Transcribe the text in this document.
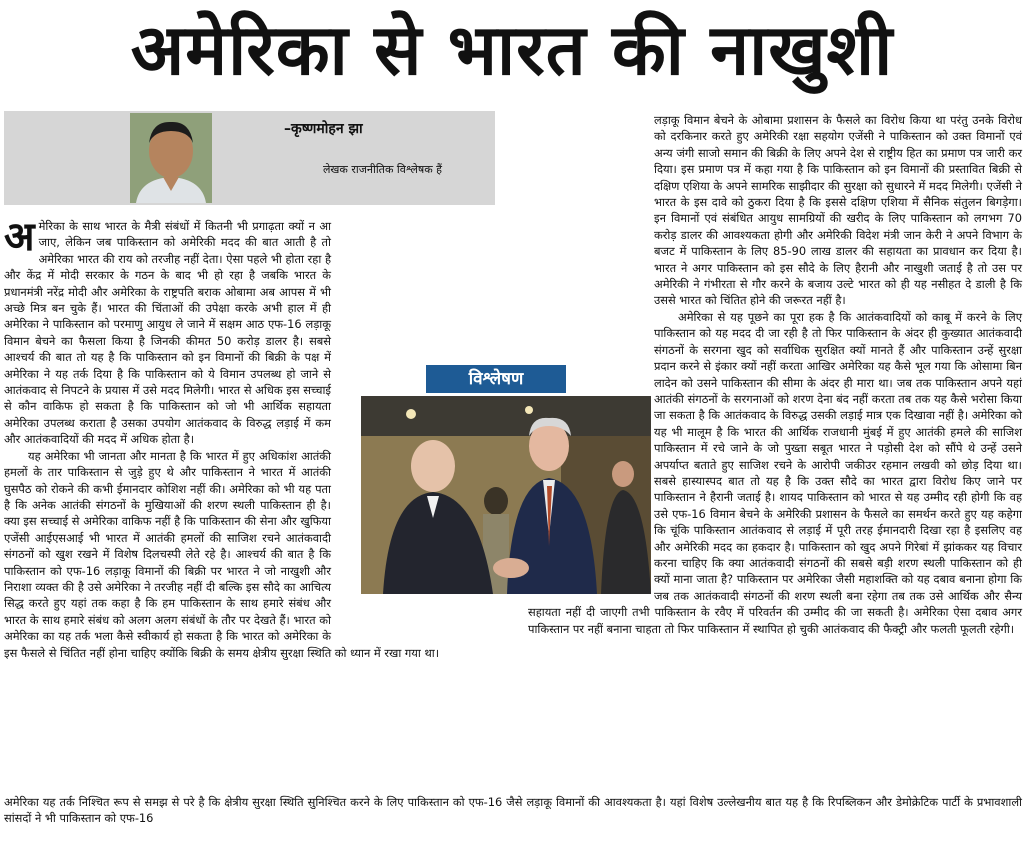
अमेरिका से भारत की नाखुशी
–कृष्णमोहन झा
लेखक राजनीतिक विश्लेषक हैं
अ मेरिका के साथ भारत के मैत्री संबंधों में कितनी भी प्रगाढ़ता क्यों न आ जाए, लेकिन जब पाकिस्तान को अमेरिकी मदद की बात आती है तो अमेरिका भारत की राय को तरजीह नहीं देता। ऐसा पहले भी होता रहा है और केंद्र में मोदी सरकार के गठन के बाद भी हो रहा है जबकि भारत के प्रधानमंत्री नरेंद्र मोदी और अमेरिका के राष्ट्रपति बराक ओबामा अब आपस में भी अच्छे मित्र बन चुके हैं। भारत की चिंताओं की उपेक्षा करके अभी हाल में ही अमेरिका ने पाकिस्तान को परमाणु आयुध ले जाने में सक्षम आठ एफ-16 लड़ाकू विमान बेचने का फैसला किया है जिनकी कीमत 50 करोड़ डालर है। सबसे आश्चर्य की बात तो यह है कि पाकिस्तान को इन विमानों की बिक्री के पक्ष में अमेरिका ने यह तर्क दिया है कि पाकिस्तान को ये विमान उपलब्ध हो जाने से आतंकवाद से निपटने के प्रयास में उसे मदद मिलेगी। भारत से अधिक इस सच्चाई से कौन वाकिफ हो सकता है कि पाकिस्तान को जो भी आर्थिक सहायता अमेरिका उपलब्ध कराता है उसका उपयोग आतंकवाद के विरुद्ध लड़ाई में कम और आतंकवादियों की मदद में अधिक होता है।

यह अमेरिका भी जानता और मानता है कि भारत में हुए अधिकांश आतंकी हमलों के तार पाकिस्तान से जुड़े हुए थे और पाकिस्तान ने भारत में आतंकी घुसपैठ को रोकने की कभी ईमानदार कोशिश नहीं की। अमेरिका को भी यह पता है कि अनेक आतंकी संगठनों के मुखियाओं की शरण स्थली पाकिस्तान ही है। क्या इस सच्चाई से अमेरिका वाकिफ नहीं है कि पाकिस्तान की सेना और खुफिया एजेंसी आईएसआई भी भारत में आतंकी हमलों की साजिश रचने आतंकवादी संगठनों को खुश रखने में विशेष दिलचस्पी लेते रहे है। आश्चर्य की बात है कि पाकिस्तान को एफ-16 लड़ाकू विमानों की बिक्री पर भारत ने जो नाखुशी और निराशा व्यक्त की है उसे अमेरिका ने तरजीह नहीं दी बल्कि इस सौदे का आचित्य सिद्ध करते हुए यहां तक कहा है कि हम पाकिस्तान के साथ हमारे संबंध और भारत के साथ हमारे संबंध को अलग अलग संबंधों के तौर पर देखते हैं। भारत को अमेरिका का यह तर्क भला कैसे स्वीकार्य हो सकता है कि भारत को अमेरिका के इस फैसले से चिंतित नहीं होना चाहिए क्योंकि बिक्री के समय क्षेत्रीय सुरक्षा स्थिति को ध्यान में रखा गया था।

लड़ाकू विमान बेचने के ओबामा प्रशासन के फैसले का विरोध किया था परंतु उनके विरोध को दरकिनार करते हुए अमेरिकी रक्षा सहयोग एजेंसी ने पाकिस्तान को उक्त विमानों एवं अन्य जंगी साजो समान की बिक्री के लिए अपने देश से राष्ट्रीय हित का प्रमाण पत्र जारी कर दिया। इस प्रमाण पत्र में कहा गया है कि पाकिस्तान को इन विमानों की प्रस्तावित बिक्री से दक्षिण एशिया के अपने सामरिक साझीदार की सुरक्षा को सुधारने में मदद मिलेगी। एजेंसी ने भारत के इस दावे को ठुकरा दिया है कि इससे दक्षिण एशिया में सैनिक संतुलन बिगड़ेगा। इन विमानों एवं संबंधित आयुध सामग्रियों की खरीद के लिए पाकिस्तान को लगभग 70 करोड़ डालर की आवश्यकता होगी और अमेरिकी विदेश मंत्री जान केरी ने अपने विभाग के बजट में पाकिस्तान के लिए 85-90 लाख डालर की सहायता का प्रावधान कर दिया है। भारत ने अगर पाकिस्तान को इस सौदे के लिए हैरानी और नाखुशी जताई है तो उस पर अमेरिकी ने गंभीरता से गौर करने के बजाय उल्टे भारत को ही यह नसीहत दे डाली है कि उससे भारत को चिंतित होने की जरूरत नहीं है।

अमेरिका से यह पूछने का पूरा हक है कि आतंकवादियों को काबू में करने के लिए पाकिस्तान को यह मदद दी जा रही है तो फिर पाकिस्तान के अंदर ही कुख्यात आतंकवादी संगठनों के सरगना खुद को सर्वाधिक सुरक्षित क्यों मानते हैं और पाकिस्तान उन्हें सुरक्षा प्रदान करने से इंकार क्यों नहीं करता आखिर अमेरिका यह कैसे भूल गया कि ओसामा बिन लादेन को उसने पाकिस्तान की सीमा के अंदर ही मारा था। जब तक पाकिस्तान अपने यहां आतंकी संगठनों के सरगनाओं को शरण देना बंद नहीं करता तब तक यह कैसे भरोसा किया जा सकता है कि आतंकवाद के विरुद्ध उसकी लड़ाई मात्र एक दिखावा नहीं है। अमेरिका को यह भी मालूम है कि भारत की आर्थिक राजधानी मुंबई में हुए आतंकी हमले की साजिश पाकिस्तान में रचे जाने के जो पुख्ता सबूत भारत ने पड़ोसी देश को सौंपे थे उन्हें उसने अपर्याप्त बताते हुए साजिश रचने के आरोपी जकीउर रहमान लखवी को छोड़ दिया था। सबसे हास्यास्पद बात तो यह है कि उक्त सौदे का भारत द्वारा विरोध किए जाने पर पाकिस्तान ने हैरानी जताई है। शायद पाकिस्तान को भारत से यह उम्मीद रही होगी कि वह उसे एफ-16 विमान बेचने के अमेरिकी प्रशासन के फैसले का समर्थन करते हुए यह कहेगा कि चूंकि पाकिस्तान आतंकवाद से लड़ाई में पूरी तरह ईमानदारी दिखा रहा है इसलिए वह और अमेरिकी मदद का हकदार है। पाकिस्तान को खुद अपने गिरेबां में झांककर यह विचार करना चाहिए कि क्या आतंकवादी संगठनों की सबसे बड़ी शरण स्थली पाकिस्तान को ही क्यों माना जाता है? पाकिस्तान पर अमेरिका जैसी महाशक्ति को यह दबाव बनाना होगा कि जब तक आतंकवादी संगठनों की शरण स्थली बना रहेगा तब तक उसे आर्थिक और सैन्य सहायता नहीं दी जाएगी तभी पाकिस्तान के रवैए में परिवर्तन की उम्मीद की जा सकती है। अमेरिका ऐसा दबाव अगर पाकिस्तान पर नहीं बनाना चाहता तो फिर पाकिस्तान में स्थापित हो चुकी आतंकवाद की फैक्ट्री और फलती फूलती रहेगी।

विश्लेषण
अमेरिका यह तर्क निश्चित रूप से समझ से परे है कि क्षेत्रीय सुरक्षा स्थिति सुनिश्चित करने के लिए पाकिस्तान को एफ-16 जैसे लड़ाकू विमानों की आवश्यकता है। यहां विशेष उल्लेखनीय बात यह है कि रिपब्लिकन और डेमोक्रेटिक पार्टी के प्रभावशाली सांसदों ने भी पाकिस्तान को एफ-16
